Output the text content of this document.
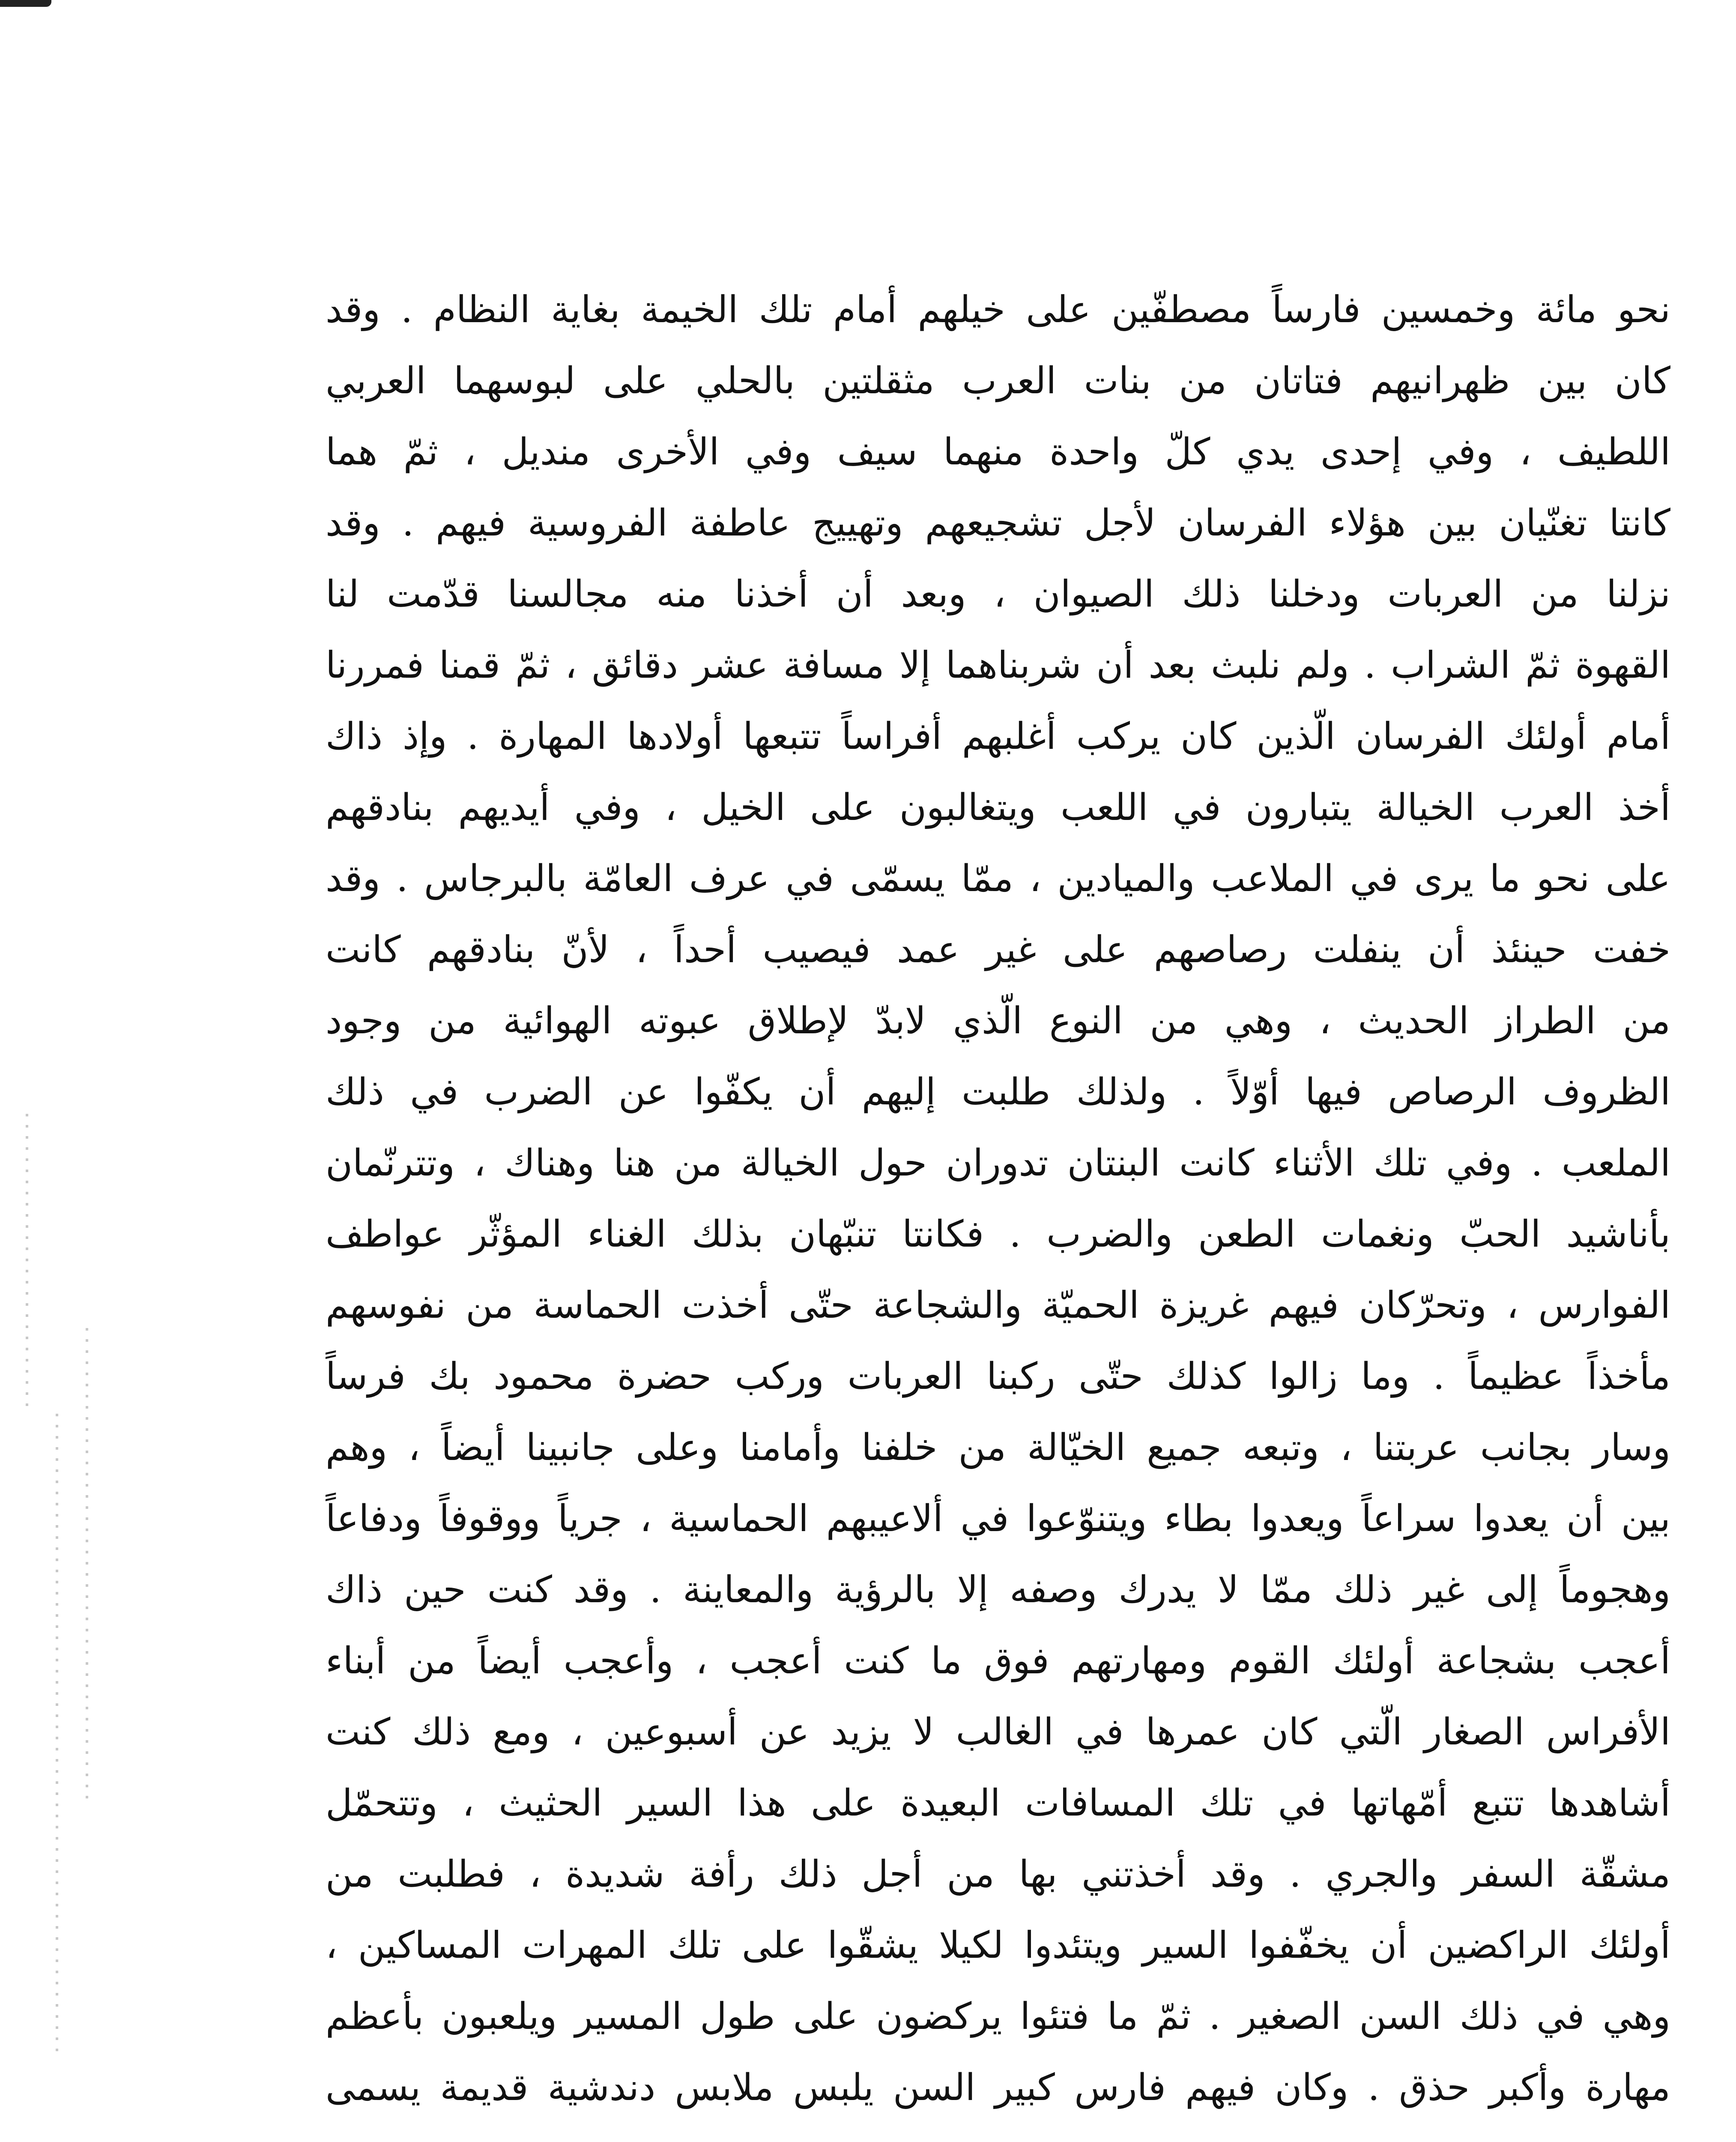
نحو مائة وخمسين فارساً مصطفّين على خيلهم أمام تلك الخيمة بغاية النظام . وقد
كان بين ظهرانيهم فتاتان من بنات العرب مثقلتين بالحلي على لبوسهما العربي
اللطيف ، وفي إحدى يدي كلّ واحدة منهما سيف وفي الأخرى منديل ، ثمّ هما
كانتا تغنّيان بين هؤلاء الفرسان لأجل تشجيعهم وتهييج عاطفة الفروسية فيهم . وقد
نزلنا من العربات ودخلنا ذلك الصيوان ، وبعد أن أخذنا منه مجالسنا قدّمت لنا
القهوة ثمّ الشراب . ولم نلبث بعد أن شربناهما إلا مسافة عشر دقائق ، ثمّ قمنا فمررنا
أمام أولئك الفرسان الّذين كان يركب أغلبهم أفراساً تتبعها أولادها المهارة . وإذ ذاك
أخذ العرب الخيالة يتبارون في اللعب ويتغالبون على الخيل ، وفي أيديهم بنادقهم
على نحو ما يرى في الملاعب والميادين ، ممّا يسمّى في عرف العامّة بالبرجاس . وقد
خفت حينئذ أن ينفلت رصاصهم على غير عمد فيصيب أحداً ، لأنّ بنادقهم كانت
من الطراز الحديث ، وهي من النوع الّذي لابدّ لإطلاق عبوته الهوائية من وجود
الظروف الرصاص فيها أوّلاً . ولذلك طلبت إليهم أن يكفّوا عن الضرب في ذلك
الملعب . وفي تلك الأثناء كانت البنتان تدوران حول الخيالة من هنا وهناك ، وتترنّمان
بأناشيد الحبّ ونغمات الطعن والضرب . فكانتا تنبّهان بذلك الغناء المؤثّر عواطف
الفوارس ، وتحرّكان فيهم غريزة الحميّة والشجاعة حتّى أخذت الحماسة من نفوسهم
مأخذاً عظيماً . وما زالوا كذلك حتّى ركبنا العربات وركب حضرة محمود بك فرساً
وسار بجانب عربتنا ، وتبعه جميع الخيّالة من خلفنا وأمامنا وعلى جانبينا أيضاً ، وهم
بين أن يعدوا سراعاً ويعدوا بطاء ويتنوّعوا في ألاعيبهم الحماسية ، جرياً ووقوفاً ودفاعاً
وهجوماً إلى غير ذلك ممّا لا يدرك وصفه إلا بالرؤية والمعاينة . وقد كنت حين ذاك
أعجب بشجاعة أولئك القوم ومهارتهم فوق ما كنت أعجب ، وأعجب أيضاً من أبناء
الأفراس الصغار الّتي كان عمرها في الغالب لا يزيد عن أسبوعين ، ومع ذلك كنت
أشاهدها تتبع أمّهاتها في تلك المسافات البعيدة على هذا السير الحثيث ، وتتحمّل
مشقّة السفر والجري . وقد أخذتني بها من أجل ذلك رأفة شديدة ، فطلبت من
أولئك الراكضين أن يخفّفوا السير ويتئدوا لكيلا يشقّوا على تلك المهرات المساكين ،
وهي في ذلك السن الصغير . ثمّ ما فتئوا يركضون على طول المسير ويلعبون بأعظم
مهارة وأكبر حذق . وكان فيهم فارس كبير السن يلبس ملابس دندشية قديمة يسمى
